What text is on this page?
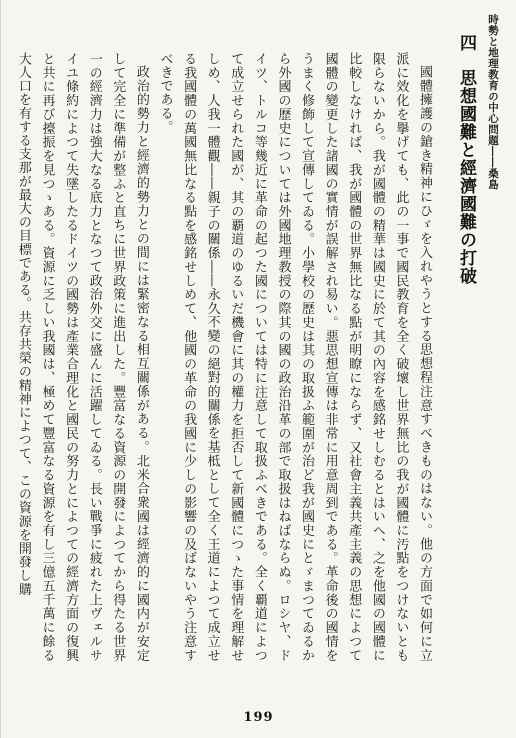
時勢と地理教育の中心問題――桑島
四 思想國難と經濟國難の打破

國體擁護の鎗き精神にひゞを入れやうとする思想程注意すべきものはない。他の方面で如何に立派に效化を擧げても、此の一事で國民教育を全く破壞し世界無比の我が國體に汚點をつけないとも限らないから。我が國體の精華は國史に於て其の內容を感銘せしむるとはいへ、之を他國の國體に比較しなければ、我が國體の世界無比なる點が明瞭にならず、又社會主義共產主義の思想によつて國體の變更した諸國の實情が誤解され易い。悪思想宣傳は非常に用意周到である。革命後の國情をうまく修飾して宣傳してゐる。小學校の歷史は其の取扱ふ範圍が治ど我が國史にとゞまつてゐるから外國の歷史については外國地理教授の際其の國の政治沿革の部で取扱はねばならぬ。ロシヤ、ドイツ、トルコ等幾近に革命の起つた國については特に注意して取扱ふべきである。全く覇道によつて成立せられた國が、其の覇道のゆるいだ機會に其の權力を拒否して新國體につゝた事情を理解せしめ、人我一體觀――親子の關係――永久不變の絕對的關係を基柢として全く王道によつて成立せる我國體の萬國無比なる點を感銘せしめて、他國の革命の我國に少しの影響の及ばないやう注意すべきである。

政治的勢力と經濟的勢力との間には緊密なる相互關係がある。北米合衆國は經濟的に國内が安定して完全に準備が整ふと直ちに世界政策に進出した。豐富なる資源の開發によつてから得たる世界一の經濟力は強大なる底力となつて政治外交に盛んに活躍してゐる。長い戰爭に疲れた上ヴェルサイユ條約によつて失墜したるドイツの國勢は產業合理化と國民の努力とによつての經濟方面の復興と共に再び擡振を見つゝある。資源に乏しい我國は、極めて豐富なる資源を有し三億五千萬に餘る大人口を有する支那が最大の目標である。共存共榮の精神によつて、この資源を開發し購

199
